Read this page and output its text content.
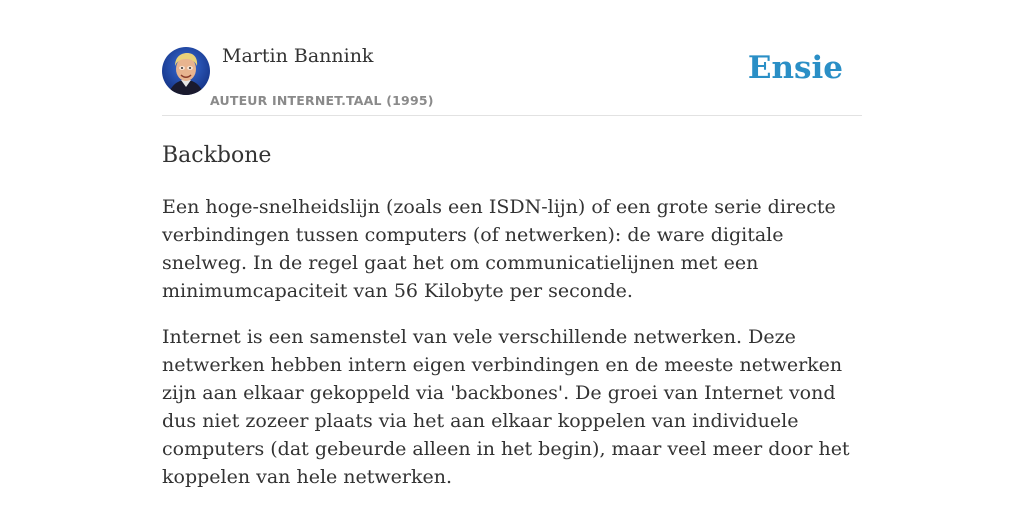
Martin Bannink
AUTEUR INTERNET.TAAL (1995)
Ensie
Backbone

Een hoge-snelheidslijn (zoals een ISDN-lijn) of een grote serie directe verbindingen tussen computers (of netwerken): de ware digitale snelweg. In de regel gaat het om communicatielijnen met een minimumcapaciteit van 56 Kilobyte per seconde.

Internet is een samenstel van vele verschillende netwerken. Deze netwerken hebben intern eigen verbindingen en de meeste netwerken zijn aan elkaar gekoppeld via 'backbones'. De groei van Internet vond dus niet zozeer plaats via het aan elkaar koppelen van individuele computers (dat gebeurde alleen in het begin), maar veel meer door het koppelen van hele netwerken.
